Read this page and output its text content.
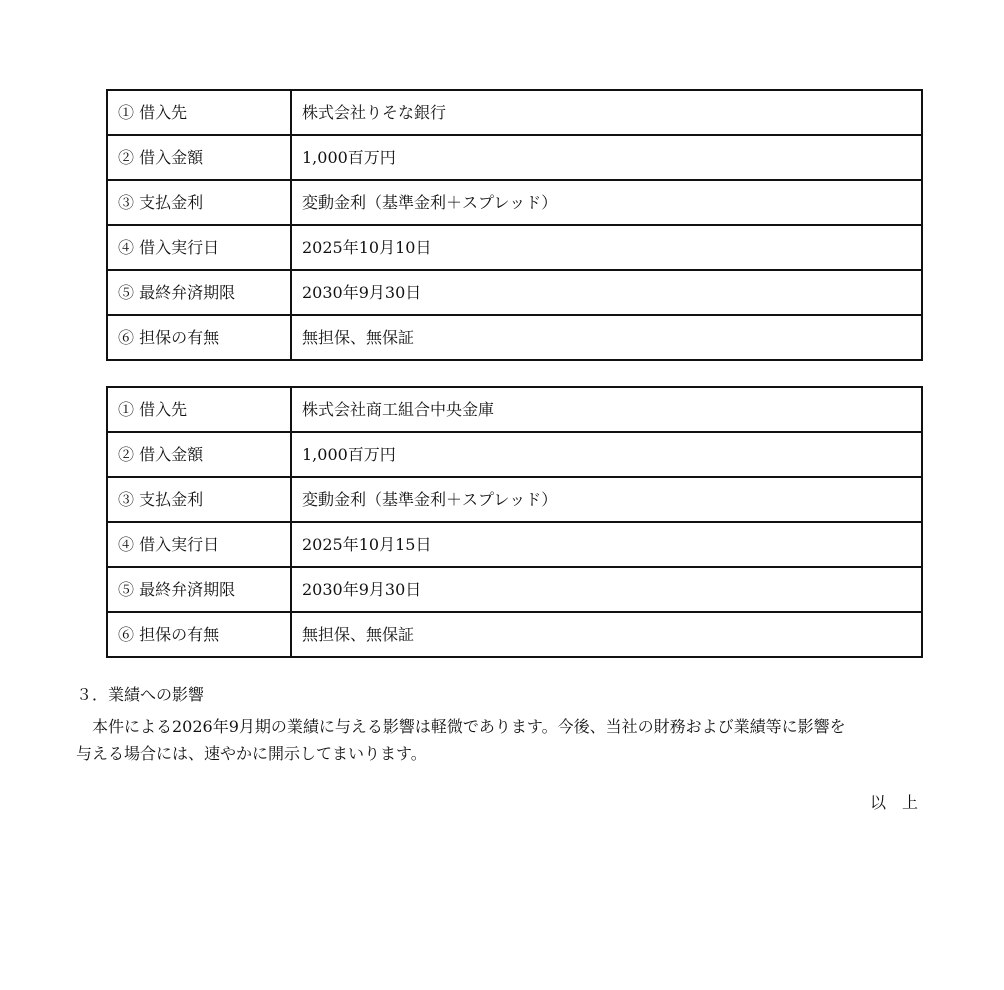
① 借入先	株式会社りそな銀行
② 借入金額	1,000百万円
③ 支払金利	変動金利（基準金利＋スプレッド）
④ 借入実行日	2025年10月10日
⑤ 最終弁済期限	2030年9月30日
⑥ 担保の有無	無担保、無保証
① 借入先	株式会社商工組合中央金庫
② 借入金額	1,000百万円
③ 支払金利	変動金利（基準金利＋スプレッド）
④ 借入実行日	2025年10月15日
⑤ 最終弁済期限	2030年9月30日
⑥ 担保の有無	無担保、無保証
３．業績への影響
本件による2026年9月期の業績に与える影響は軽微であります。今後、当社の財務および業績等に影響を
与える場合には、速やかに開示してまいります。
以上
